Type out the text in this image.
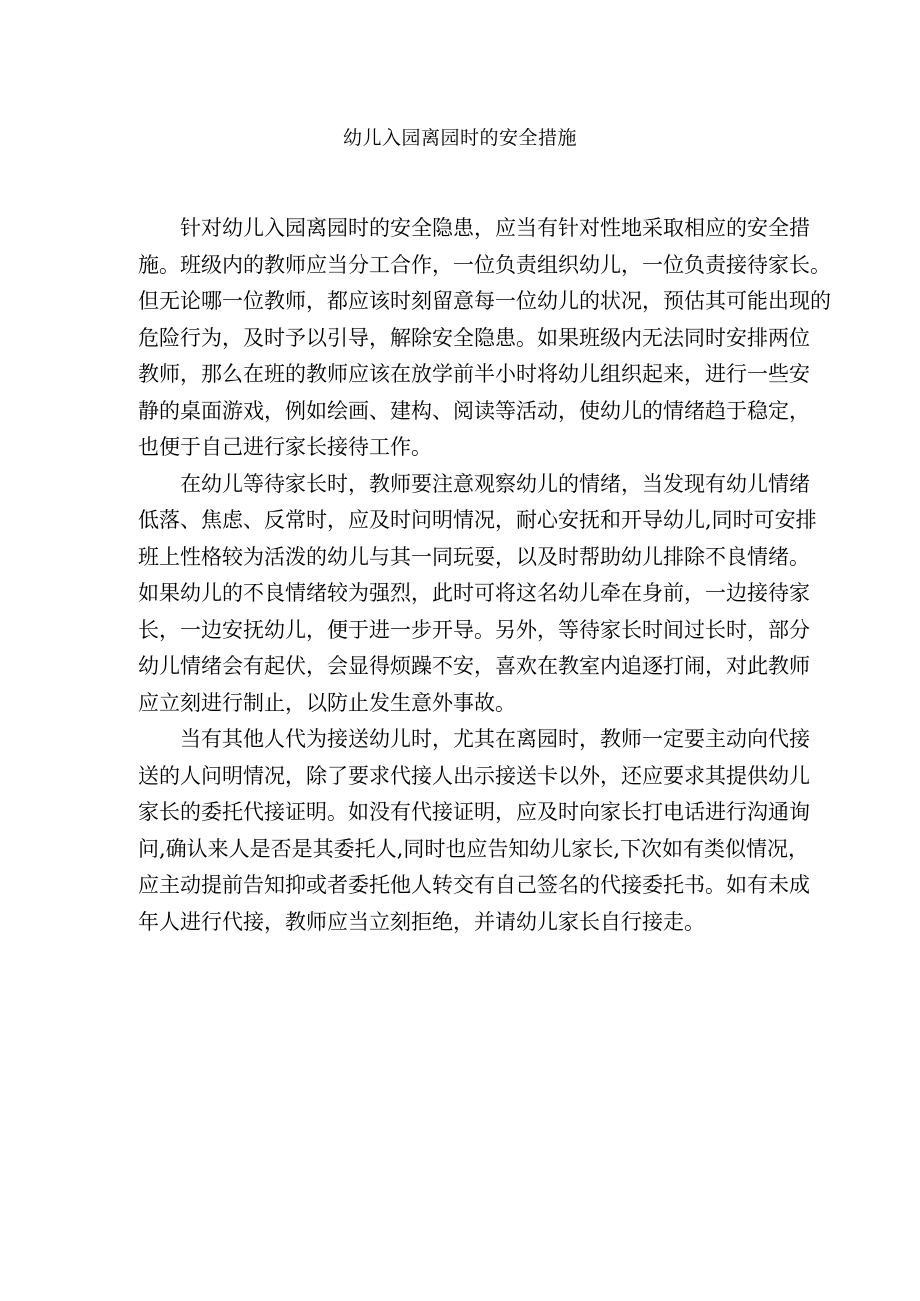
幼儿入园离园时的安全措施
针对幼儿入园离园时的安全隐患，应当有针对性地采取相应的安全措
施。班级内的教师应当分工合作，一位负责组织幼儿，一位负责接待家长。
但无论哪一位教师，都应该时刻留意每一位幼儿的状况，预估其可能出现的
危险行为，及时予以引导，解除安全隐患。如果班级内无法同时安排两位
教师，那么在班的教师应该在放学前半小时将幼儿组织起来，进行一些安
静的桌面游戏，例如绘画、建构、阅读等活动，使幼儿的情绪趋于稳定，
也便于自己进行家长接待工作。
在幼儿等待家长时，教师要注意观察幼儿的情绪，当发现有幼儿情绪
低落、焦虑、反常时，应及时问明情况，耐心安抚和开导幼儿,同时可安排
班上性格较为活泼的幼儿与其一同玩耍，以及时帮助幼儿排除不良情绪。
如果幼儿的不良情绪较为强烈，此时可将这名幼儿牵在身前，一边接待家
长，一边安抚幼儿，便于进一步开导。另外，等待家长时间过长时，部分
幼儿情绪会有起伏，会显得烦躁不安，喜欢在教室内追逐打闹，对此教师
应立刻进行制止，以防止发生意外事故。
当有其他人代为接送幼儿时，尤其在离园时，教师一定要主动向代接
送的人问明情况，除了要求代接人出示接送卡以外，还应要求其提供幼儿
家长的委托代接证明。如没有代接证明，应及时向家长打电话进行沟通询
问,确认来人是否是其委托人,同时也应告知幼儿家长,下次如有类似情况，
应主动提前告知抑或者委托他人转交有自己签名的代接委托书。如有未成
年人进行代接，教师应当立刻拒绝，并请幼儿家长自行接走。
